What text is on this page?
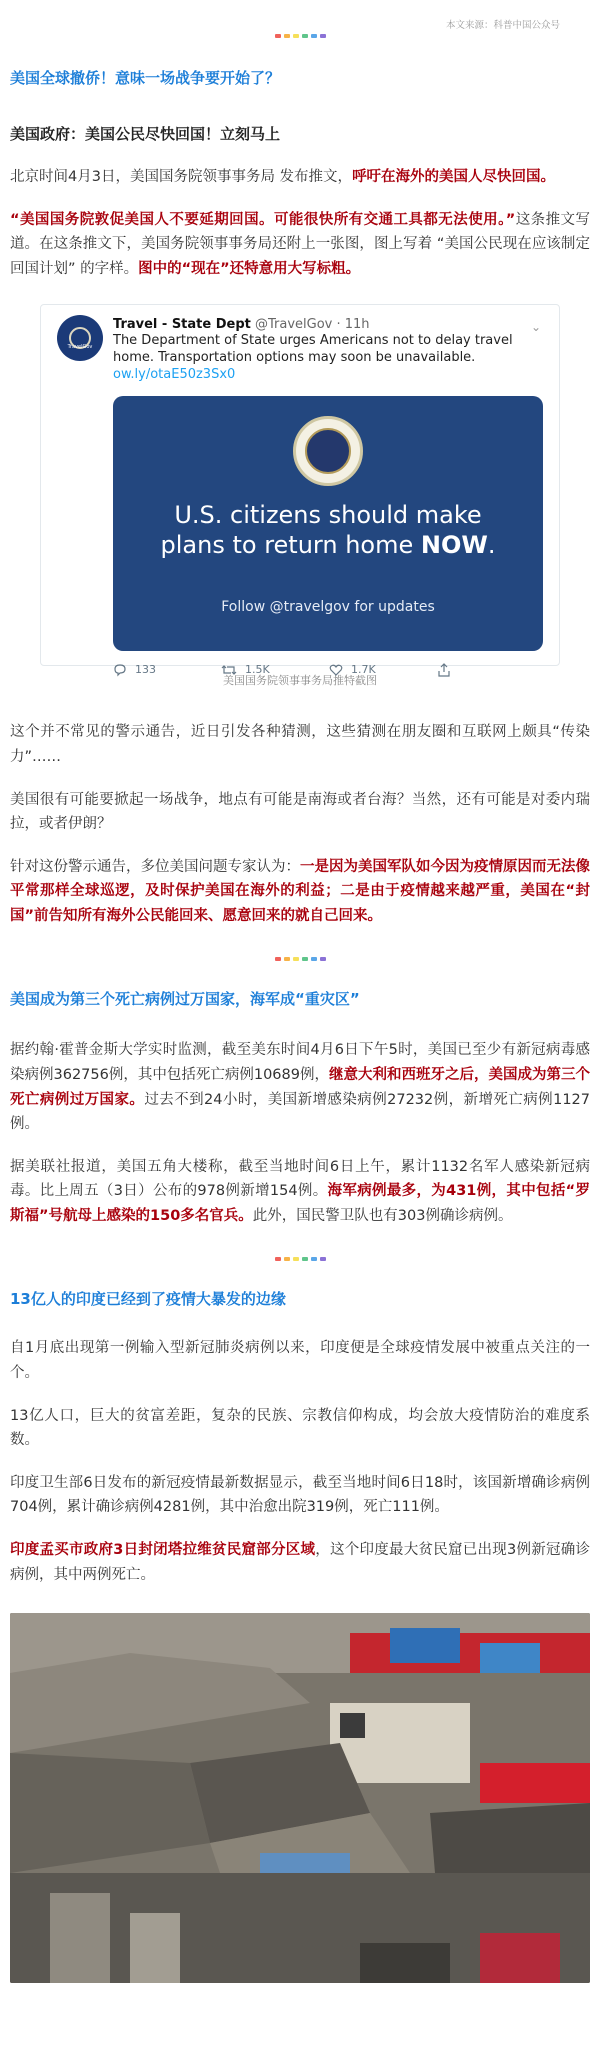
本文来源：科普中国公众号
美国全球撤侨！意味一场战争要开始了？
美国政府：美国公民尽快回国！立刻马上

北京时间4月3日，美国国务院领事事务局 发布推文，呼吁在海外的美国人尽快回国。

“美国国务院敦促美国人不要延期回国。可能很快所有交通工具都无法使用。”这条推文写道。在这条推文下，美国务院领事事务局还附上一张图，图上写着 “美国公民现在应该制定回国计划” 的字样。图中的“现在”还特意用大写标粗。

TravelGov
⌄
Travel - State Dept @TravelGov · 11h
The Department of State urges Americans not to delay travel home. Transportation options may soon be unavailable. ow.ly/otaE50z3Sx0
U.S. citizens should make
plans to return home NOW.
Follow @travelgov for updates
133	1.5K	1.7K
美国国务院领事事务局推特截图

这个并不常见的警示通告，近日引发各种猜测，这些猜测在朋友圈和互联网上颇具“传染力”……

美国很有可能要掀起一场战争，地点有可能是南海或者台海？当然，还有可能是对委内瑞拉，或者伊朗？

针对这份警示通告，多位美国问题专家认为：一是因为美国军队如今因为疫情原因而无法像平常那样全球巡逻，及时保护美国在海外的利益；二是由于疫情越来越严重，美国在“封国”前告知所有海外公民能回来、愿意回来的就自己回来。

美国成为第三个死亡病例过万国家，海军成“重灾区”

据约翰·霍普金斯大学实时监测，截至美东时间4月6日下午5时，美国已至少有新冠病毒感染病例362756例，其中包括死亡病例10689例，继意大利和西班牙之后，美国成为第三个死亡病例过万国家。过去不到24小时，美国新增感染病例27232例，新增死亡病例1127例。

据美联社报道，美国五角大楼称，截至当地时间6日上午，累计1132名军人感染新冠病毒。比上周五（3日）公布的978例新增154例。海军病例最多，为431例，其中包括“罗斯福”号航母上感染的150多名官兵。此外，国民警卫队也有303例确诊病例。

13亿人的印度已经到了疫情大暴发的边缘

自1月底出现第一例输入型新冠肺炎病例以来，印度便是全球疫情发展中被重点关注的一个。

13亿人口，巨大的贫富差距，复杂的民族、宗教信仰构成，均会放大疫情防治的难度系数。

印度卫生部6日发布的新冠疫情最新数据显示，截至当地时间6日18时，该国新增确诊病例704例，累计确诊病例4281例，其中治愈出院319例，死亡111例。

印度孟买市政府3日封闭塔拉维贫民窟部分区域，这个印度最大贫民窟已出现3例新冠确诊病例，其中两例死亡。
